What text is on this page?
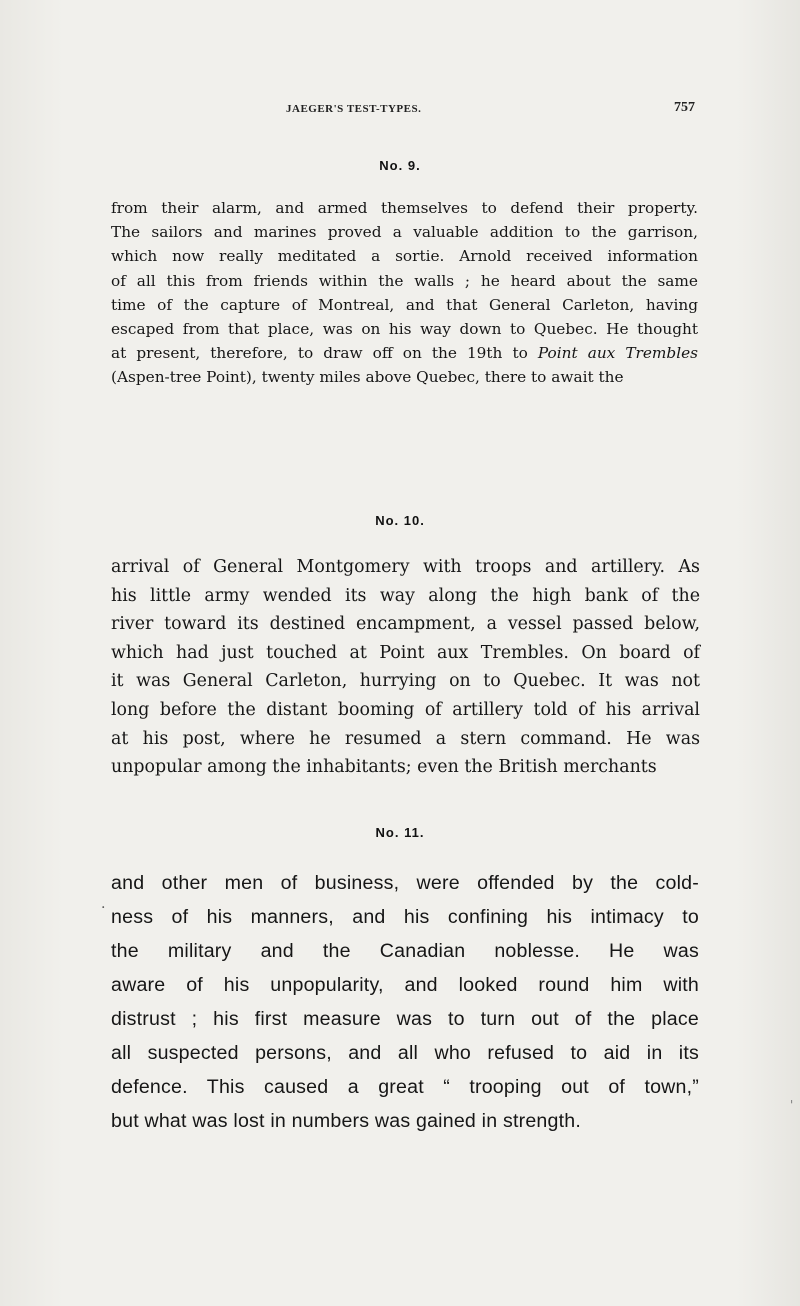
JAEGER'S TEST-TYPES.	757
No. 9.
from their alarm, and armed themselves to defend their property.
The sailors and marines proved a valuable addition to the garrison,
which now really meditated a sortie. Arnold received information
of all this from friends within the walls ; he heard about the same
time of the capture of Montreal, and that General Carleton, having
escaped from that place, was on his way down to Quebec. He thought
at present, therefore, to draw off on the 19th to Point aux Trembles
(Aspen-tree Point), twenty miles above Quebec, there to await the
No. 10.
arrival of General Montgomery with troops and artillery. As
his little army wended its way along the high bank of the
river toward its destined encampment, a vessel passed below,
which had just touched at Point aux Trembles. On board of
it was General Carleton, hurrying on to Quebec. It was not
long before the distant booming of artillery told of his arrival
at his post, where he resumed a stern command. He was
unpopular among the inhabitants; even the British merchants
No. 11.
.
and other men of business, were offended by the cold-
ness of his manners, and his confining his intimacy to
the military and the Canadian noblesse. He was
aware of his unpopularity, and looked round him with
distrust ; his first measure was to turn out of the place
all suspected persons, and all who refused to aid in its
defence. This caused a great “ trooping out of town,”
but what was lost in numbers was gained in strength.
'
